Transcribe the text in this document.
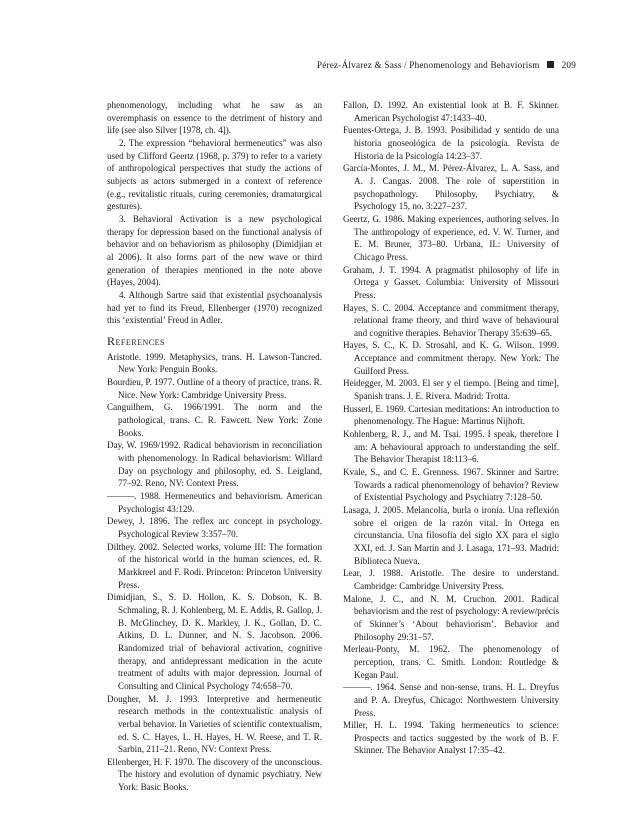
Pérez-Álvarez & Sass / Phenomenology and Behaviorism 209

phenomenology, including what he saw as an overemphasis on essence to the detriment of history and life (see also Silver [1978, ch. 4]).

2. The expression “behavioral hermeneutics” was also used by Clifford Geertz (1968, p. 379) to refer to a variety of anthropological perspectives that study the actions of subjects as actors submerged in a context of reference (e.g., revitalistic rituals, curing ceremonies, dramaturgical gestures).

3. Behavioral Activation is a new psychological therapy for depression based on the functional analysis of behavior and on behaviorism as philosophy (Dimidjian et al 2006). It also forms part of the new wave or third generation of therapies mentioned in the note above (Hayes, 2004).

4. Although Sartre said that existential psychoanalysis had yet to find its Freud, Ellenberger (1970) recognized this ‘existential’ Freud in Adler.

References

Aristotle. 1999. Metaphysics, trans. H. Lawson-Tancred. New York: Penguin Books.

Bourdieu, P. 1977. Outline of a theory of practice, trans. R. Nice. New York: Cambridge University Press.

Canguilhem, G. 1966/1991. The norm and the pathological, trans. C. R. Fawcett. New York: Zone Books.

Day, W. 1969/1992. Radical behaviorism in reconciliation with phenomenology. In Radical behaviorism: Willard Day on psychology and philosophy, ed. S. Leigland, 77–92. Reno, NV: Context Press.

———. 1988. Hermeneutics and behaviorism. American Psychologist 43:129.

Dewey, J. 1896. The reflex arc concept in psychology. Psychological Review 3:357–70.

Dilthey. 2002. Selected works, volume III: The formation of the historical world in the human sciences, ed. R. Markkreel and F. Rodi. Princeton: Princeton University Press.

Dimidjian, S., S. D. Hollon, K. S. Dobson, K. B. Schmaling, R. J. Kohlenberg, M. E. Addis, R. Gallop, J. B. McGlinchey, D. K. Markley, J. K., Gollan, D. C. Atkins, D. L. Dunner, and N. S. Jacobson. 2006. Randomized trial of behavioral activation, cognitive therapy, and antidepressant medication in the acute treatment of adults with major depression. Journal of Consulting and Clinical Psychology 74:658–70.

Dougher, M. J. 1993. Interpretive and hermeneutic research methods in the contextualistic analysis of verbal behavior. In Varieties of scientific contextualism, ed. S. C. Hayes, L. H. Hayes, H. W. Reese, and T. R. Sarbin, 211–21. Reno, NV: Context Press.

Ellenberger, H. F. 1970. The discovery of the unconscious. The history and evolution of dynamic psychiatry. New York: Basic Books.

Fallon, D. 1992. An existential look at B. F. Skinner. American Psychologist 47:1433–40.

Fuentes-Ortega, J. B. 1993. Posibilidad y sentido de una historia gnoseológica de la psicología. Revista de Historia de la Psicología 14:23–37.

García-Montes, J. M., M. Pérez-Álvarez, L. A. Sass, and A. J. Cangas. 2008. The role of superstition in psychopathology. Philosophy, Psychiatry, & Psychology 15, no. 3:227–237.

Geertz, G. 1986. Making experiences, authoring selves. In The anthropology of experience, ed. V. W. Turner, and E. M. Bruner, 373–80. Urbana, IL: University of Chicago Press.

Graham, J. T. 1994. A pragmatist philosophy of life in Ortega y Gasset. Columbia: University of Missouri Press.

Hayes, S. C. 2004. Acceptance and commitment therapy, relational frame theory, and third wave of behavioural and cognitive therapies. Behavior Therapy 35:639–65.

Hayes, S. C., K. D. Strosahl, and K. G. Wilson. 1999. Acceptance and commitment therapy. New York: The Guilford Press.

Heidegger, M. 2003. El ser y el tiempo. [Being and time], Spanish trans. J. E. Rivera. Madrid: Trotta.

Husserl, E. 1969. Cartesian meditations: An introduction to phenomenology. The Hague: Martinus Nijhoft.

Kohlenberg, R. J., and M. Tsai. 1995. I speak, therefore I am: A behavioural approach to understanding the self. The Behavior Therapist 18:113–6.

Kvale, S., and C. E. Grenness. 1967. Skinner and Sartre: Towards a radical phenomenology of behavior? Review of Existential Psychology and Psychiatry 7:128–50.

Lasaga, J. 2005. Melancolía, burla o ironía. Una reflexión sobre el origen de la razón vital. In Ortega en circunstancia. Una filosofía del siglo XX para el siglo XXI, ed. J. San Martín and J. Lasaga, 171–93. Madrid: Biblioteca Nueva.

Lear, J. 1988. Aristotle. The desire to understand. Cambridge: Cambridge University Press.

Malone, J. C., and N. M. Cruchon. 2001. Radical behaviorism and the rest of psychology: A review/précis of Skinner’s ‘About behaviorism’. Behavior and Philosophy 29:31–57.

Merleau-Ponty, M. 1962. The phenomenology of perception, trans. C. Smith. London: Routledge & Kegan Paul.

———. 1964. Sense and non-sense, trans. H. L. Dreyfus and P. A. Dreyfus, Chicago: Northwestern University Press.

Miller, H. L. 1994. Taking hermeneutics to science: Prospects and tactics suggested by the work of B. F. Skinner. The Behavior Analyst 17:35–42.
